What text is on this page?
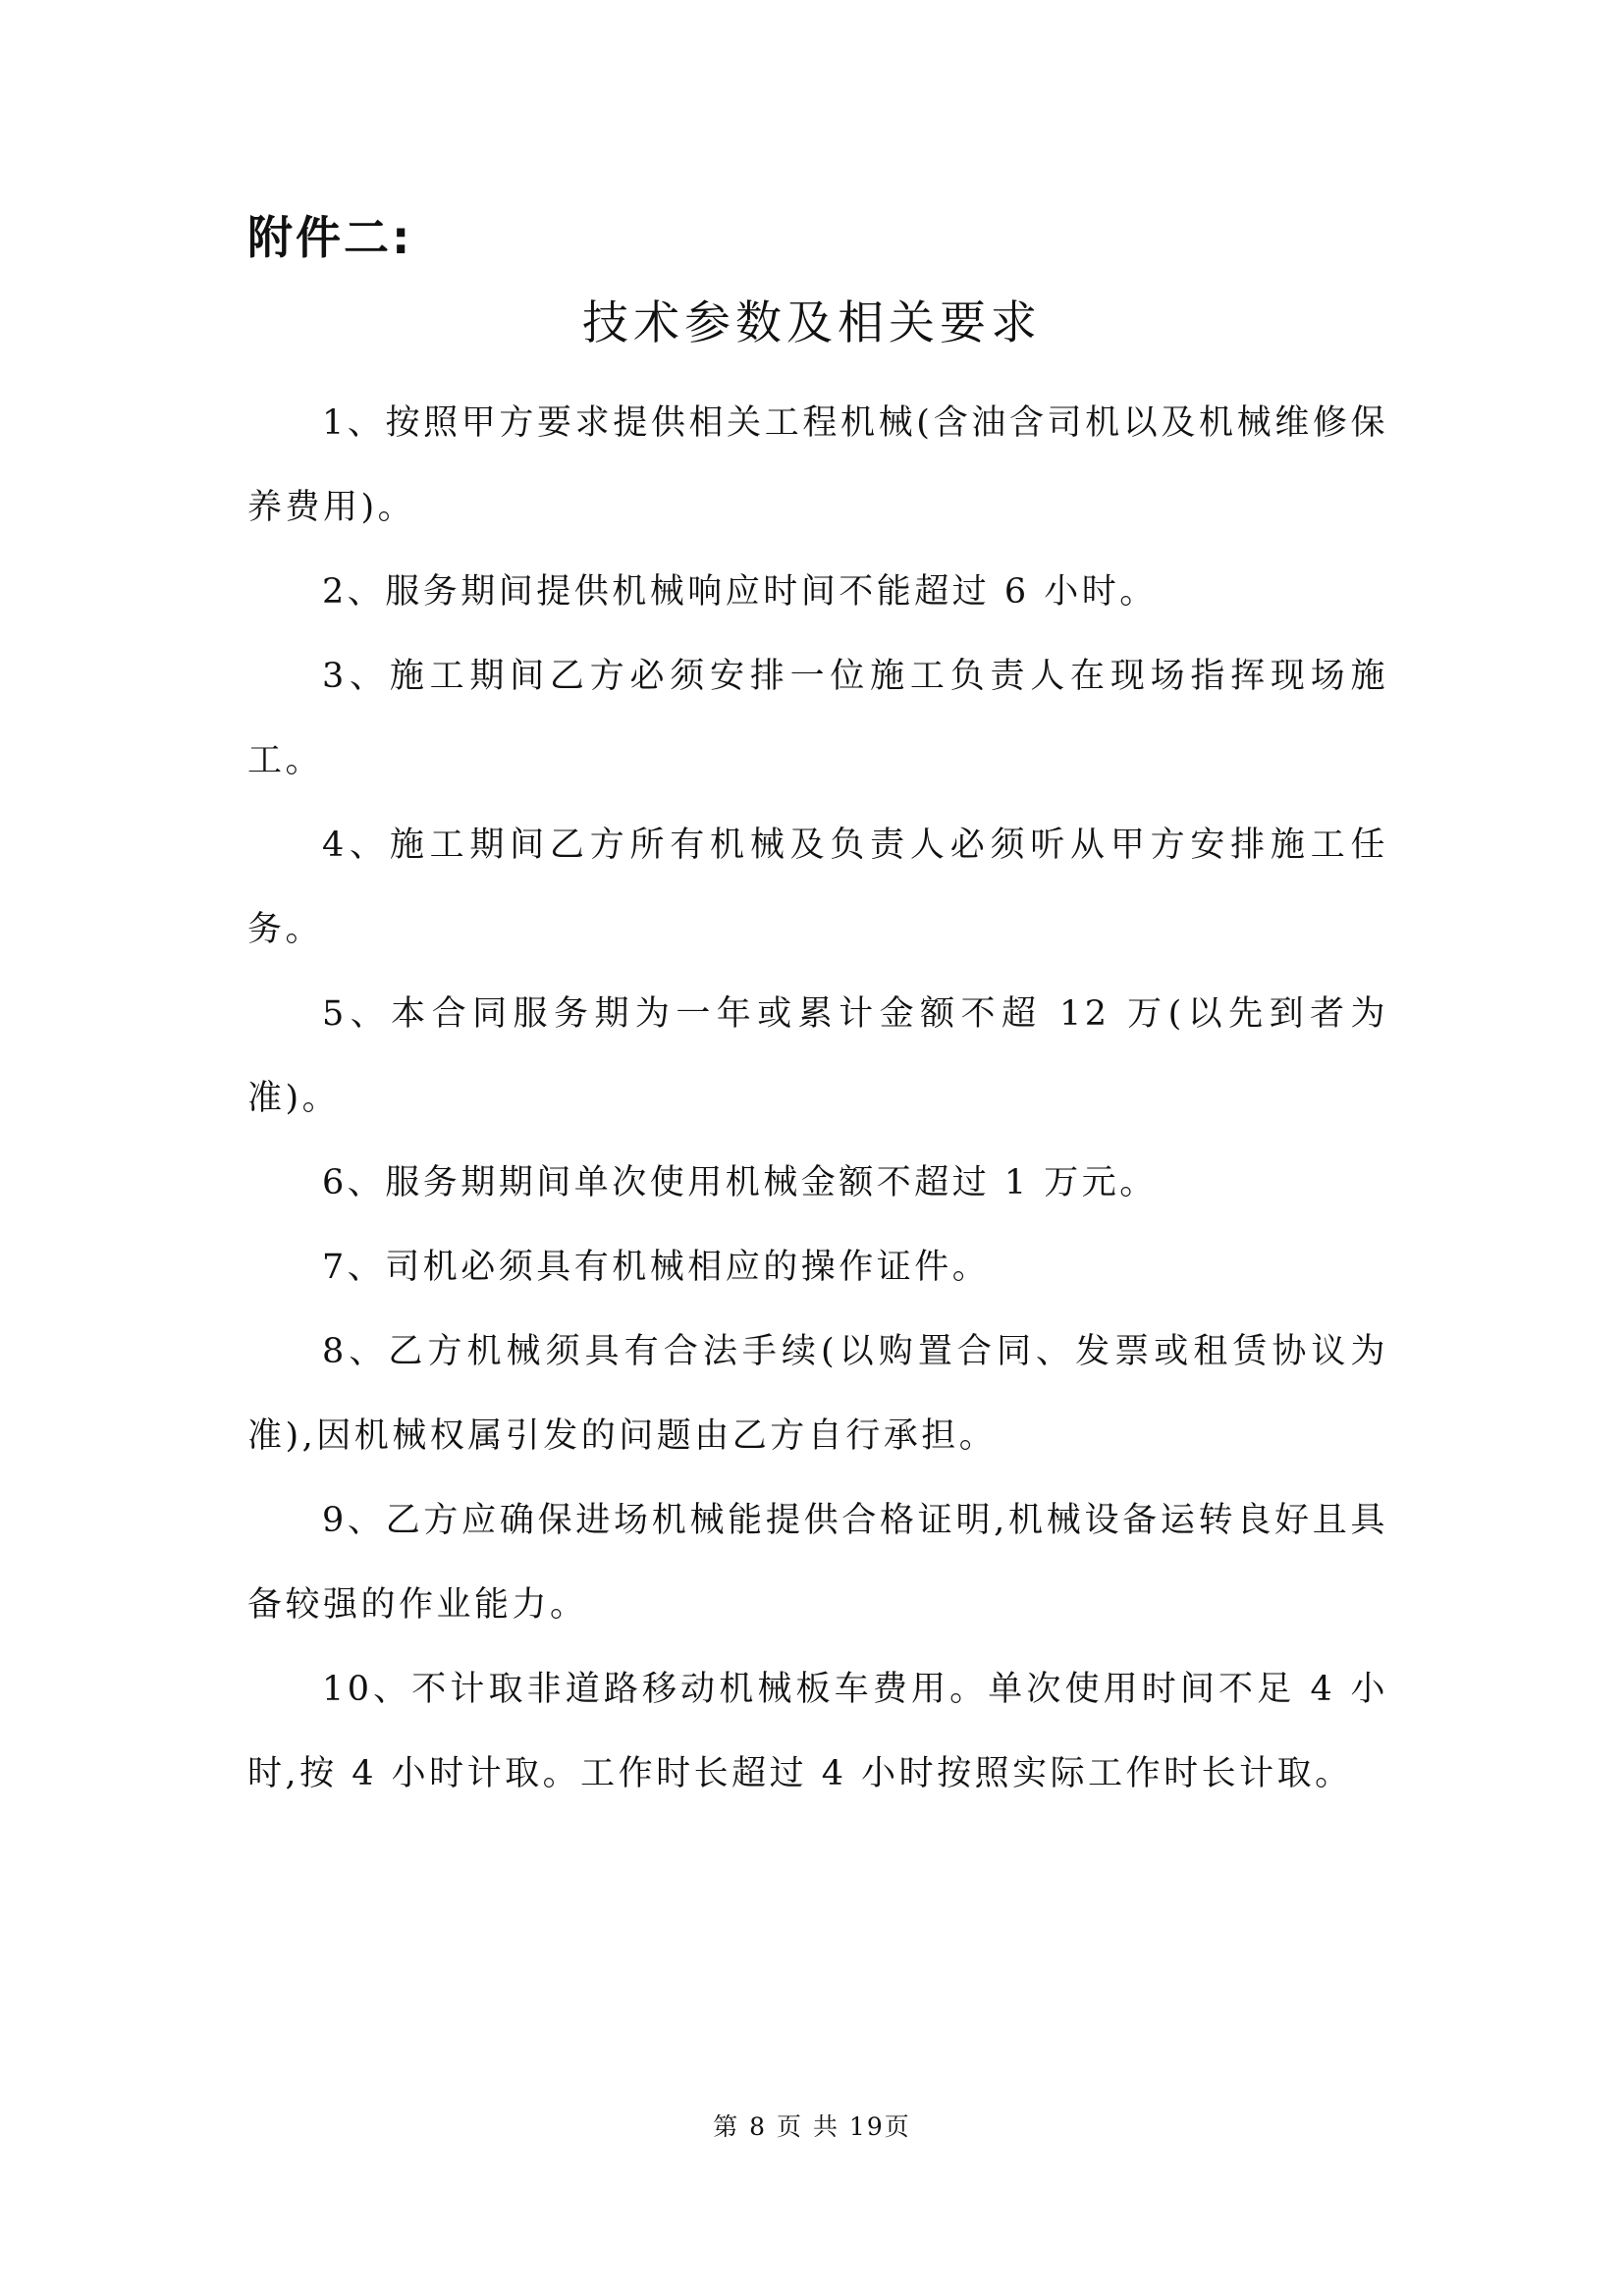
附件二:
技术参数及相关要求

1、按照甲方要求提供相关工程机械(含油含司机以及机械维修保养费用)。

2、服务期间提供机械响应时间不能超过 6 小时。

3、施工期间乙方必须安排一位施工负责人在现场指挥现场施工。

4、施工期间乙方所有机械及负责人必须听从甲方安排施工任务。

5、本合同服务期为一年或累计金额不超 12 万(以先到者为准)。

6、服务期期间单次使用机械金额不超过 1 万元。

7、司机必须具有机械相应的操作证件。

8、乙方机械须具有合法手续(以购置合同、发票或租赁协议为准),因机械权属引发的问题由乙方自行承担。

9、乙方应确保进场机械能提供合格证明,机械设备运转良好且具备较强的作业能力。

10、不计取非道路移动机械板车费用。单次使用时间不足 4 小时,按 4 小时计取。工作时长超过 4 小时按照实际工作时长计取。

第 8 页 共 19页
